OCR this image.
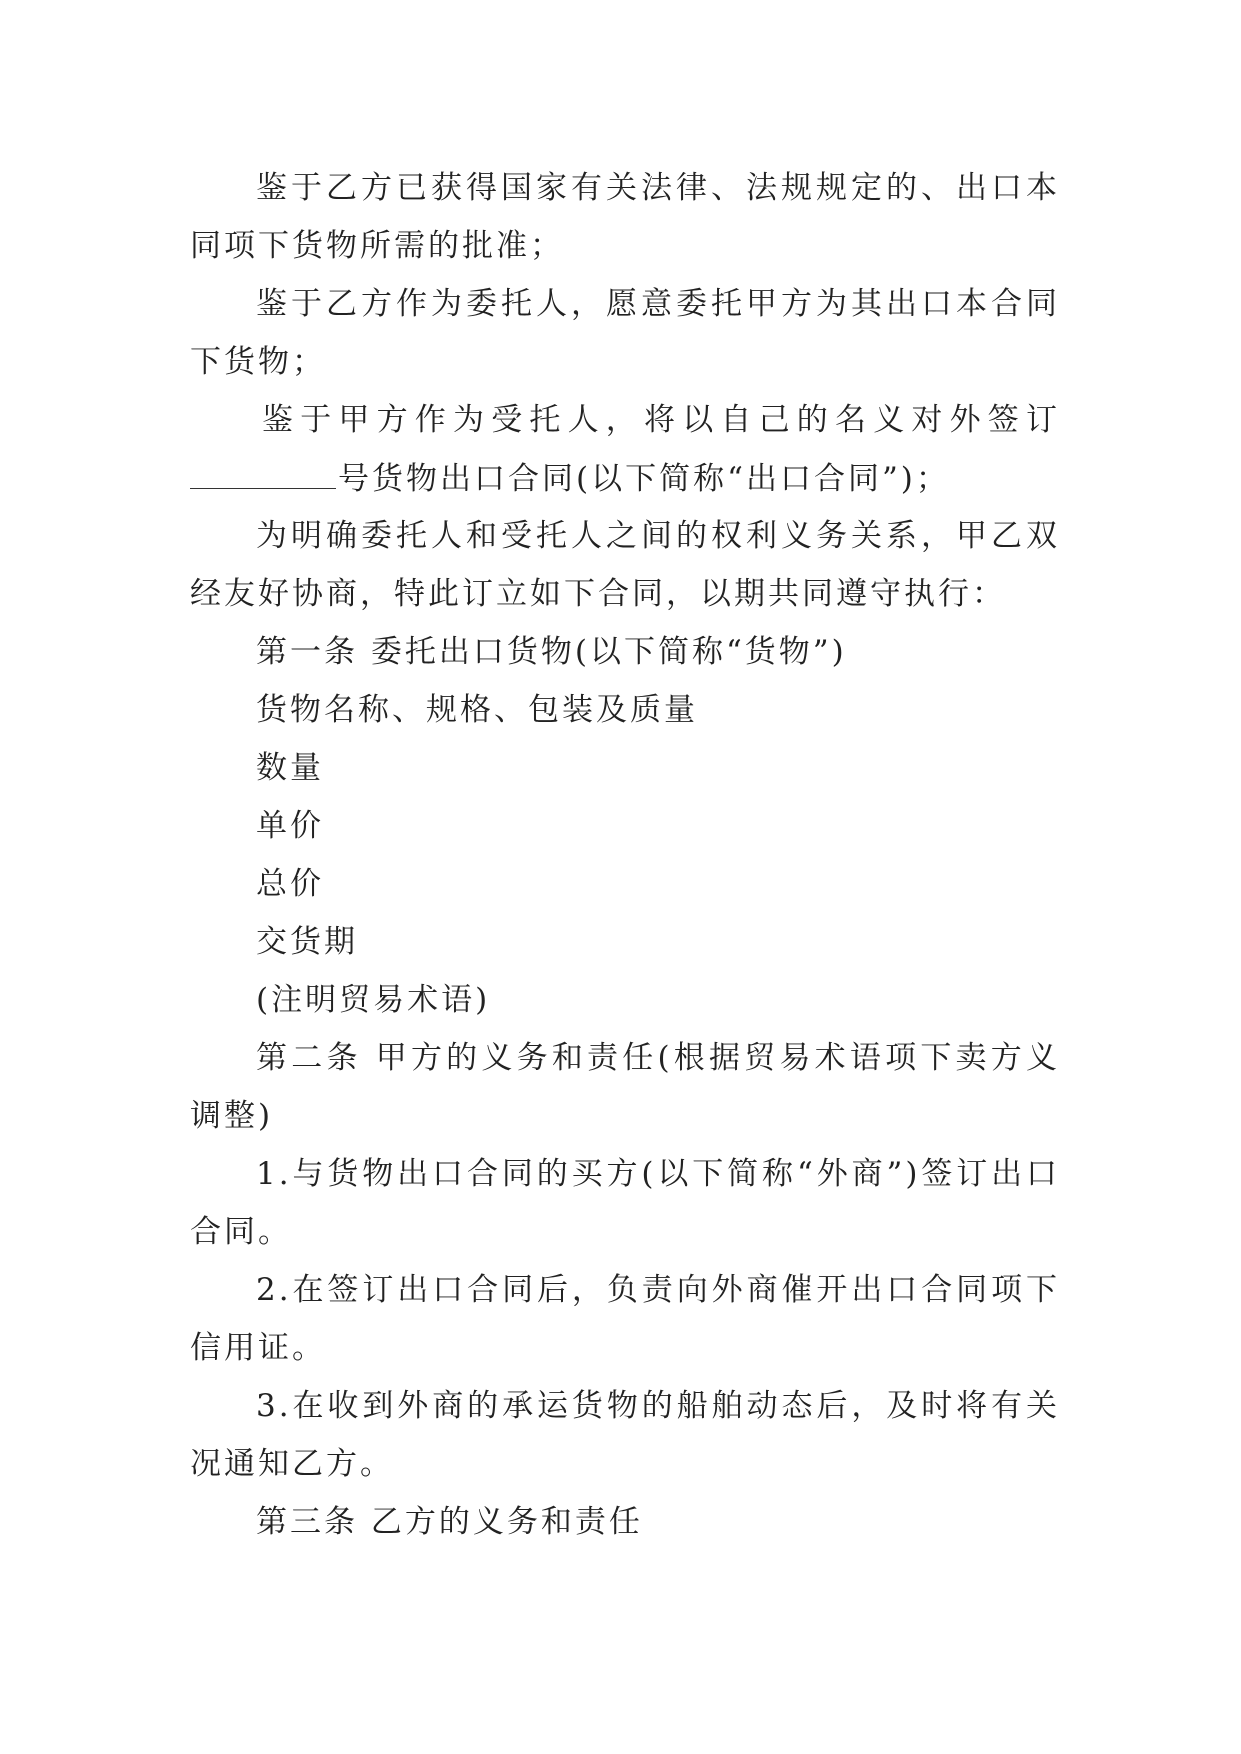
鉴于乙方已获得国家有关法律、法规规定的、出口本
同项下货物所需的批准；
鉴于乙方作为委托人，愿意委托甲方为其出口本合同
下货物；
鉴于甲方作为受托人，将以自己的名义对外签订
号货物出口合同(以下简称“出口合同”)；
为明确委托人和受托人之间的权利义务关系，甲乙双
经友好协商，特此订立如下合同，以期共同遵守执行：
第一条 委托出口货物(以下简称“货物”)
货物名称、规格、包装及质量
数量
单价
总价
交货期
(注明贸易术语)
第二条 甲方的义务和责任(根据贸易术语项下卖方义
调整)
1.与货物出口合同的买方(以下简称“外商”)签订出口
合同。
2.在签订出口合同后，负责向外商催开出口合同项下
信用证。
3.在收到外商的承运货物的船舶动态后，及时将有关
况通知乙方。
第三条 乙方的义务和责任
